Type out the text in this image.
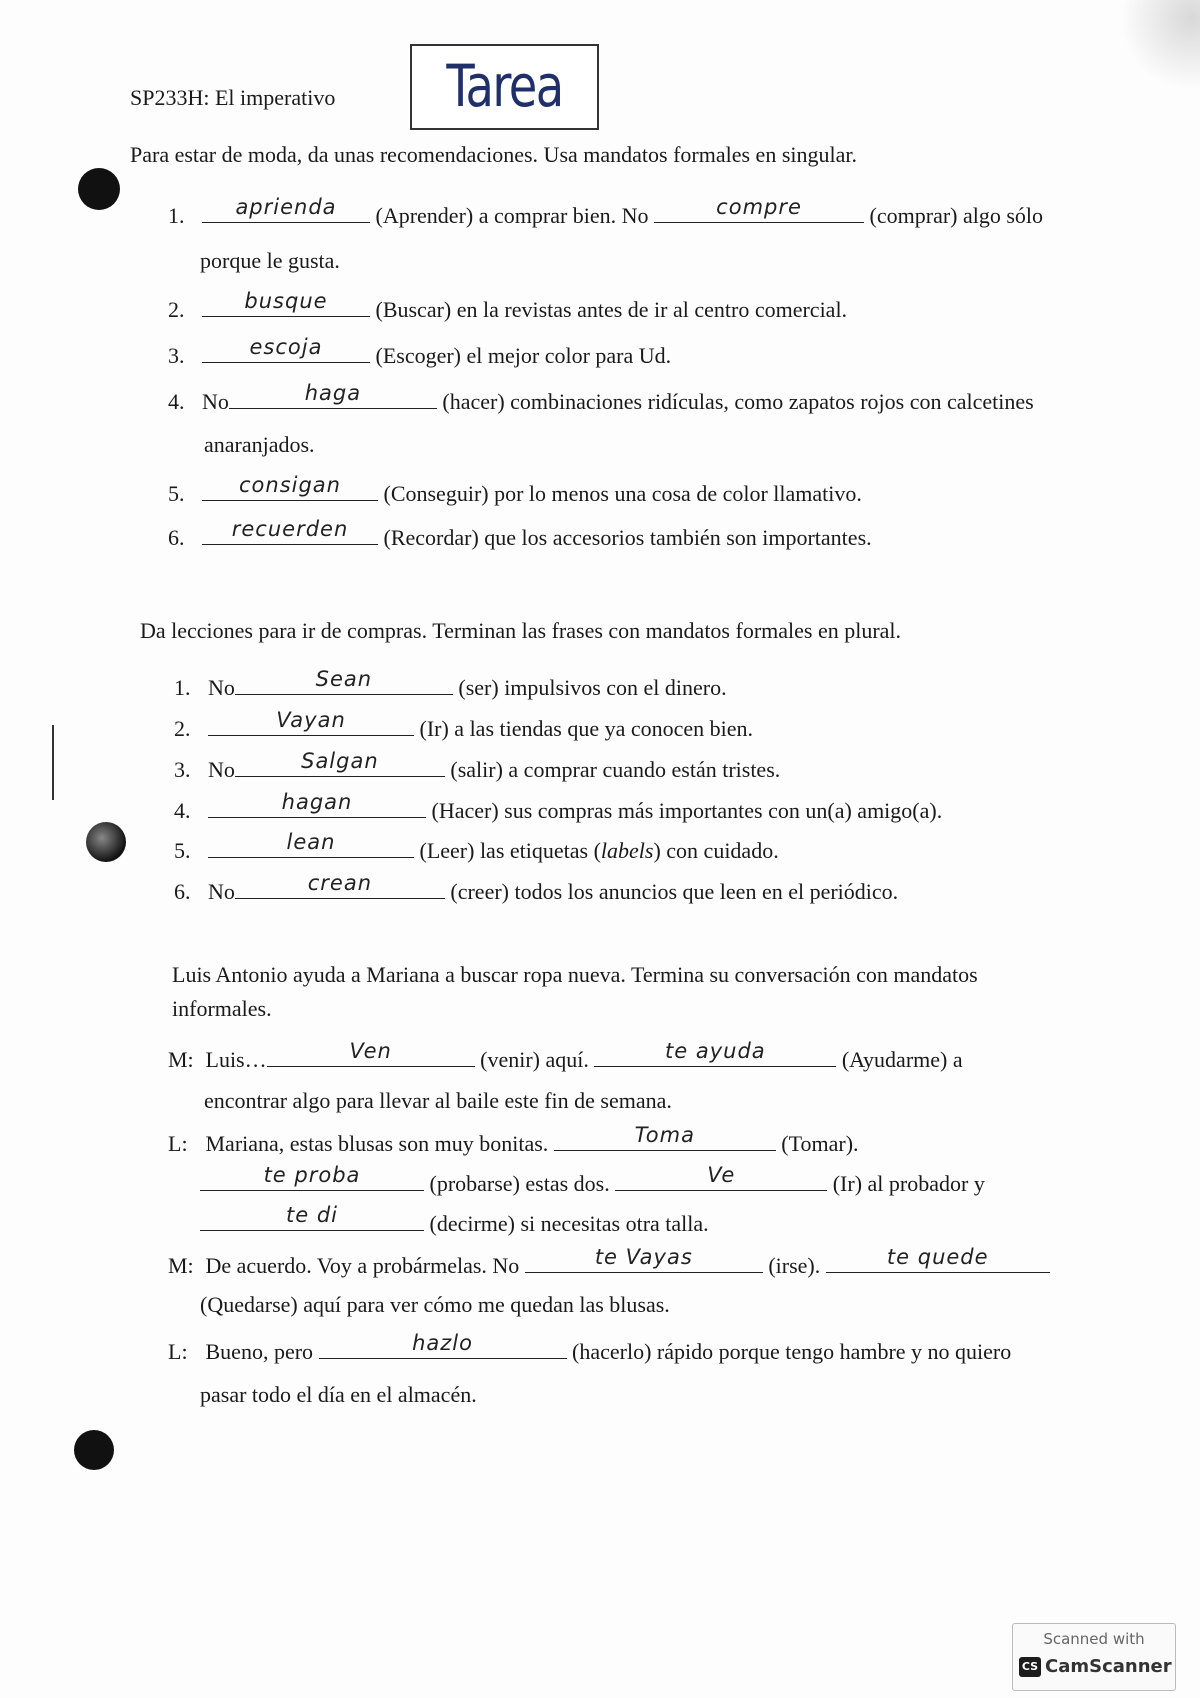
SP233H: El imperativo Tarea
Para estar de moda, da unas recomendaciones. Usa mandatos formales en singular.
1.	aprienda	(Aprender) a comprar bien. No	compre	(comprar) algo sólo
porque le gusta.
2.	busque	(Buscar) en la revistas antes de ir al centro comercial.
3.	escoja	(Escoger) el mejor color para Ud.
4. No	haga	(hacer) combinaciones ridículas, como zapatos rojos con calcetines
anaranjados.
5.	consigan	(Conseguir) por lo menos una cosa de color llamativo.
6.	recuerden	(Recordar) que los accesorios también son importantes.
Da lecciones para ir de compras. Terminan las frases con mandatos formales en plural.
1. No	Sean	(ser) impulsivos con el dinero.
2.	Vayan	(Ir) a las tiendas que ya conocen bien.
3. No	Salgan	(salir) a comprar cuando están tristes.
4.	hagan	(Hacer) sus compras más importantes con un(a) amigo(a).
5.	lean	(Leer) las etiquetas (labels) con cuidado.
6. No	crean	(creer) todos los anuncios que leen en el periódico.
Luis Antonio ayuda a Mariana a buscar ropa nueva. Termina su conversación con mandatos
informales.
M: Luis…	Ven	(venir) aquí.	te ayuda	(Ayudarme) a
encontrar algo para llevar al baile este fin de semana.
L: Mariana, estas blusas son muy bonitas.	Toma	(Tomar).
te proba	(probarse) estas dos.	Ve	(Ir) al probador y
te di	(decirme) si necesitas otra talla.
M: De acuerdo. Voy a probármelas. No	te Vayas	(irse).	te quede
(Quedarse) aquí para ver cómo me quedan las blusas.
L: Bueno, pero	hazlo	(hacerlo) rápido porque tengo hambre y no quiero
pasar todo el día en el almacén.
Scanned with
CS CamScanner
